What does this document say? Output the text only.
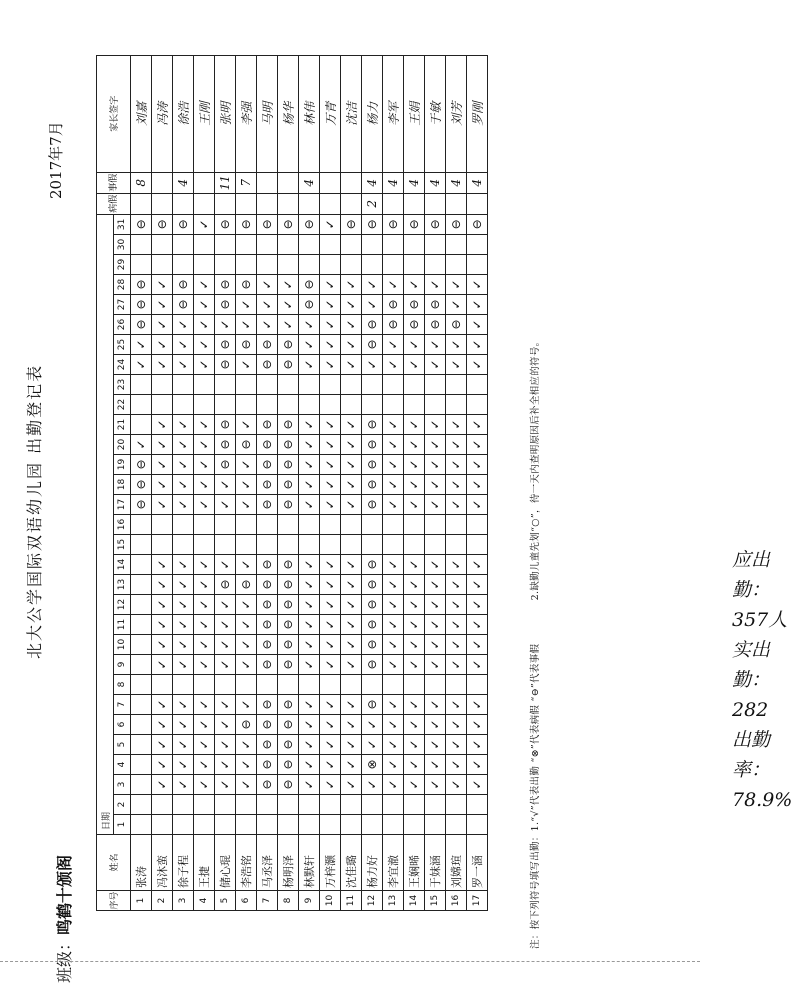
北大公学国际双语幼儿园 出勤登记表
2017年7月
班级：鸣鹤十颁阁	序号	姓名	日期																															病假	事假	家长签字
		1	2	3	4	5	6	7	8	9	10	11	12	13	14	15	16	17	18	19	20	21	22	23	24	25	26	27	28	29	30	31			
1	张涛																	⊖	⊖	⊖	✓				✓	✓	⊖	⊖	⊖			⊖		8	刘嘉
2	冯沐蛮			✓	✓	✓	✓	✓		✓	✓	✓	✓	✓	✓			✓	✓	✓	✓	✓			✓	✓	✓	✓	✓			⊖			冯涛
3	徐子程			✓	✓	✓	✓	✓		✓	✓	✓	✓	✓	✓			✓	✓	✓	✓	✓			✓	✓	✓	⊖	⊖			⊖		4	徐浩
4	王捷			✓	✓	✓	✓	✓		✓	✓	✓	✓	✓	✓			✓	✓	✓	✓	✓			✓	✓	✓	✓	✓			✓			王刚
5	储心琨			✓	✓	✓	✓	✓		✓	✓	✓	✓	⊖	✓			✓	✓	⊖	⊖	⊖			⊖	⊖	✓	⊖	⊖			⊖		11	张明
6	李浩铭			✓	✓	✓	⊖	✓		✓	✓	✓	✓	⊖	✓			✓	✓	✓	⊖	✓			✓	⊖	✓	✓	⊖			⊖		7	李强
7	马丞泽			⊖	⊖	⊖	⊖	⊖		⊖	⊖	⊖	⊖	⊖	⊖			⊖	⊖	⊖	⊖	⊖			⊖	⊖	✓	✓	✓			⊖			马明
8	杨明泽			⊖	⊖	⊖	⊖	⊖		⊖	⊖	⊖	⊖	⊖	⊖			⊖	⊖	⊖	⊖	⊖			⊖	⊖	✓	✓	✓			⊖			杨华
9	林默轩			✓	✓	✓	✓	✓		✓	✓	✓	✓	✓	✓			✓	✓	✓	✓	✓			✓	✓	✓	⊖	⊖			⊖		4	林伟
10	万梓灏			✓	✓	✓	✓	✓		✓	✓	✓	✓	✓	✓			✓	✓	✓	✓	✓			✓	✓	✓	✓	✓			✓			万青
11	沈佳璐			✓	✓	✓	✓	✓		✓	✓	✓	✓	✓	✓			✓	✓	✓	✓	✓			✓	✓	✓	✓	✓			⊖			沈洁
12	杨力好			✓	⊗	✓	✓	⊖		⊖	⊖	⊖	⊖	⊖	⊖			⊖	⊖	⊖	⊖	⊖			✓	⊖	⊖	✓	✓			⊖	2	4	杨力
13	李宜澈			✓	✓	✓	✓	✓		✓	✓	✓	✓	✓	✓			✓	✓	✓	✓	✓			✓	✓	⊖	⊖	✓			⊖		4	李军
14	王娴晞			✓	✓	✓	✓	✓		✓	✓	✓	✓	✓	✓			✓	✓	✓	✓	✓			✓	✓	⊖	⊖	✓			⊖		4	王娟
15	于妹涵			✓	✓	✓	✓	✓		✓	✓	✓	✓	✓	✓			✓	✓	✓	✓	✓			✓	✓	⊖	⊖	✓			⊖		4	于敏
16	刘嫦瑄			✓	✓	✓	✓	✓		✓	✓	✓	✓	✓	✓			✓	✓	✓	✓	✓			✓	✓	⊖	✓	✓			⊖		4	刘芳
17	罗一涵			✓	✓	✓	✓	✓		✓	✓	✓	✓	✓	✓			✓	✓	✓	✓	✓			✓	✓	✓	✓	✓			⊖		4	罗刚
注：按下列符号填写出勤：1.“√”代表出勤 “⊗”代表病假 “⊖”代表事假 2.缺勤儿童先划“○”，待一天内查明原因后补全相应的符号。	应出勤：357人
实出勤：282
出勤率：78.9%
